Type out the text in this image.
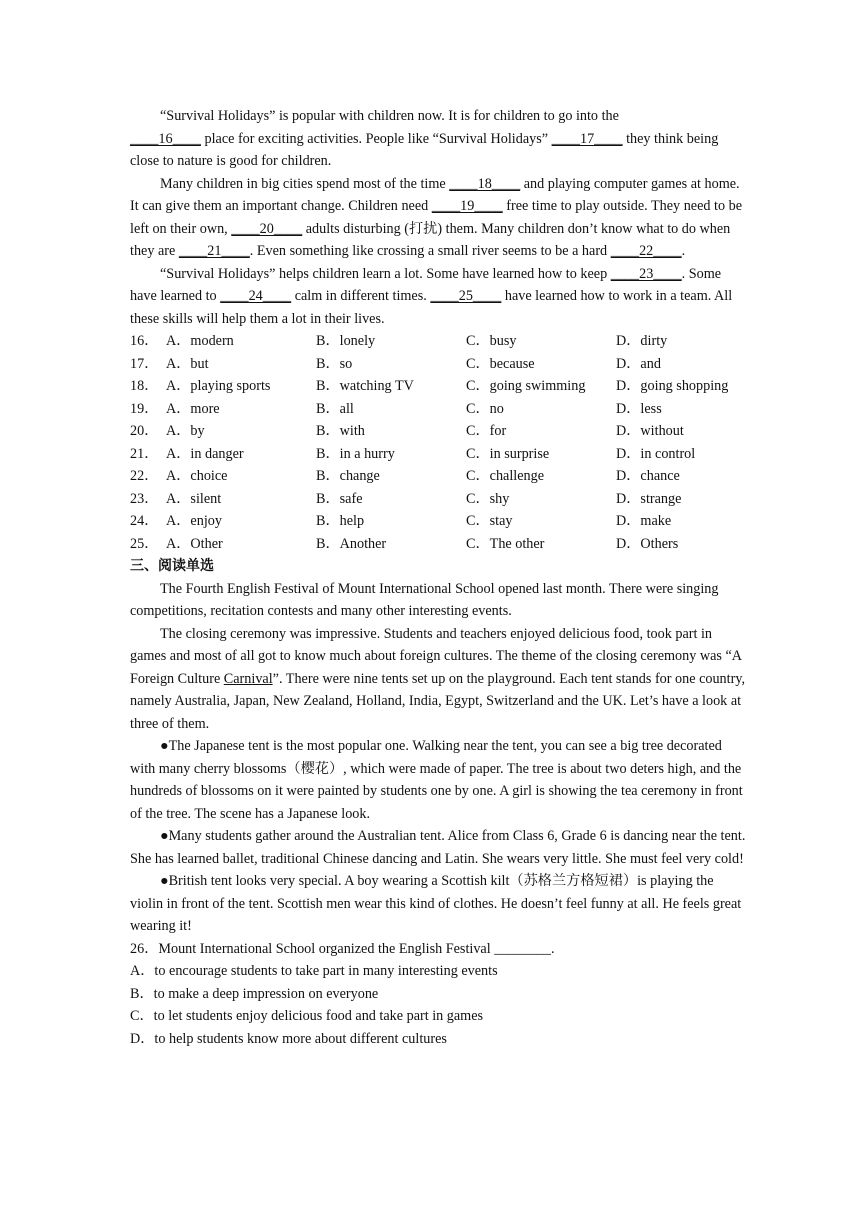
“Survival Holidays” is popular with children now. It is for children to go into the
____16____ place for exciting activities. People like “Survival Holidays” ____17____ they think being close to nature is good for children.

Many children in big cities spend most of the time ____18____ and playing computer games at home. It can give them an important change. Children need ____19____ free time to play outside. They need to be left on their own, ____20____ adults disturbing (打扰) them. Many children don’t know what to do when they are ____21____. Even something like crossing a small river seems to be a hard ____22____.

“Survival Holidays” helps children learn a lot. Some have learned how to keep ____23____. Some have learned to ____24____ calm in different times. ____25____ have learned how to work in a team. All these skills will help them a lot in their lives.

16． A．modern	B．lonely	C．busy	D．dirty
17． A．but	B．so	C．because	D．and
18． A．playing sports	B．watching TV	C．going swimming	D．going shopping
19． A．more	B．all	C．no	D．less
20． A．by	B．with	C．for	D．without
21． A．in danger	B．in a hurry	C．in surprise	D．in control
22． A．choice	B．change	C．challenge	D．chance
23． A．silent	B．safe	C．shy	D．strange
24． A．enjoy	B．help	C．stay	D．make
25． A．Other	B．Another	C．The other	D．Others

三、阅读单选

The Fourth English Festival of Mount International School opened last month. There were singing competitions, recitation contests and many other interesting events.

The closing ceremony was impressive. Students and teachers enjoyed delicious food, took part in games and most of all got to know much about foreign cultures. The theme of the closing ceremony was “A Foreign Culture Carnival”. There were nine tents set up on the playground. Each tent stands for one country, namely Australia, Japan, New Zealand, Holland, India, Egypt, Switzerland and the UK. Let’s have a look at three of them.

●The Japanese tent is the most popular one. Walking near the tent, you can see a big tree decorated with many cherry blossoms（樱花）, which were made of paper. The tree is about two deters high, and the hundreds of blossoms on it were painted by students one by one. A girl is showing the tea ceremony in front of the tree. The scene has a Japanese look.

●Many students gather around the Australian tent. Alice from Class 6, Grade 6 is dancing near the tent. She has learned ballet, traditional Chinese dancing and Latin. She wears very little. She must feel very cold!

●British tent looks very special. A boy wearing a Scottish kilt（苏格兰方格短裙）is playing the violin in front of the tent. Scottish men wear this kind of clothes. He doesn’t feel funny at all. He feels great wearing it!

26．Mount International School organized the English Festival ________.

A．to encourage students to take part in many interesting events

B．to make a deep impression on everyone

C．to let students enjoy delicious food and take part in games

D．to help students know more about different cultures
